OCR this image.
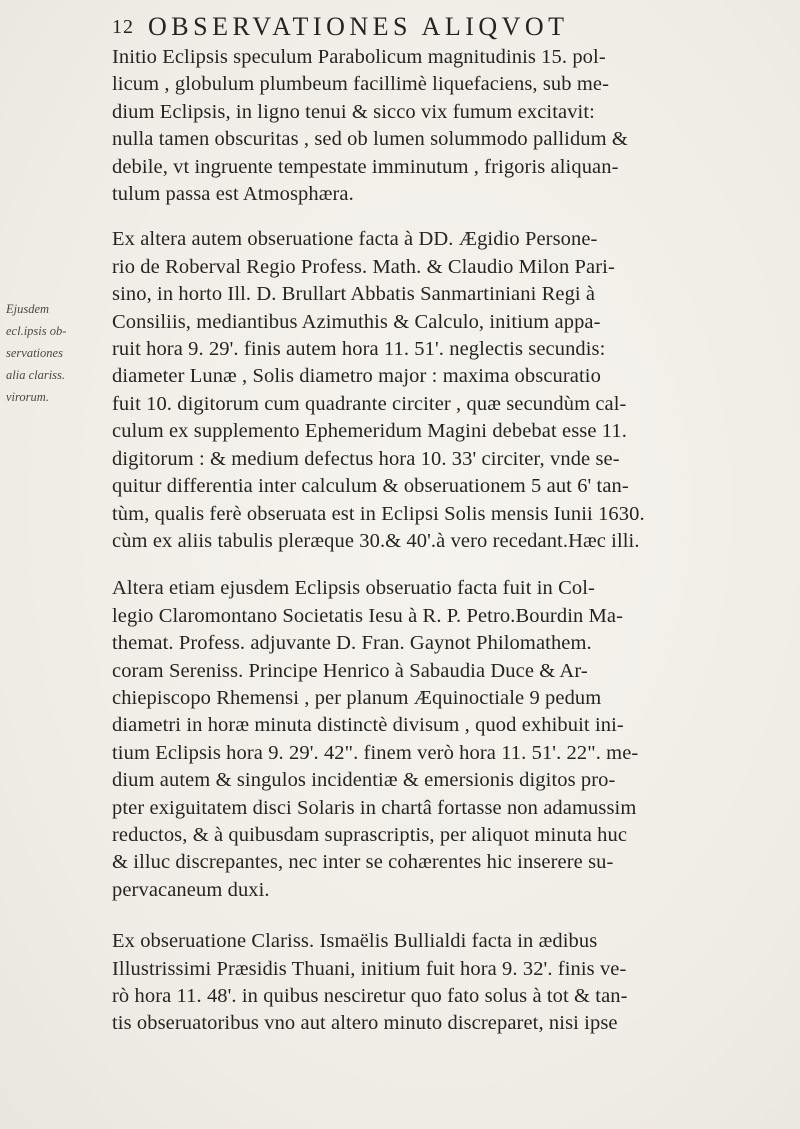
12 OBSERVATIONES ALIQVOT
Ejusdem
ecl.ipsis ob-
servationes
alia clariss.
virorum.
Initio Eclipsis speculum Parabolicum magnitudinis 15. pol-
licum , globulum plumbeum facillimè liquefaciens, sub me-
dium Eclipsis, in ligno tenui & sicco vix fumum excitavit:
nulla tamen obscuritas , sed ob lumen solummodo pallidum &
debile, vt ingruente tempestate imminutum , frigoris aliquan-
tulum passa est Atmosphæra.
Ex altera autem obseruatione facta à DD. Ægidio Persone-
rio de Roberval Regio Profess. Math. & Claudio Milon Pari-
sino, in horto Ill. D. Brullart Abbatis Sanmartiniani Regi à
Consiliis, mediantibus Azimuthis & Calculo, initium appa-
ruit hora 9. 29'. finis autem hora 11. 51'. neglectis secundis:
diameter Lunæ , Solis diametro major : maxima obscuratio
fuit 10. digitorum cum quadrante circiter , quæ secundùm cal-
culum ex supplemento Ephemeridum Magini debebat esse 11.
digitorum : & medium defectus hora 10. 33' circiter, vnde se-
quitur differentia inter calculum & obseruationem 5 aut 6' tan-
tùm, qualis ferè obseruata est in Eclipsi Solis mensis Iunii 1630.
cùm ex aliis tabulis pleræque 30.& 40'.à vero recedant.Hæc illi.
Altera etiam ejusdem Eclipsis obseruatio facta fuit in Col-
legio Claromontano Societatis Iesu à R. P. Petro.Bourdin Ma-
themat. Profess. adjuvante D. Fran. Gaynot Philomathem.
coram Sereniss. Principe Henrico à Sabaudia Duce & Ar-
chiepiscopo Rhemensi , per planum Æquinoctiale 9 pedum
diametri in horæ minuta distinctè divisum , quod exhibuit ini-
tium Eclipsis hora 9. 29'. 42". finem verò hora 11. 51'. 22". me-
dium autem & singulos incidentiæ & emersionis digitos pro-
pter exiguitatem disci Solaris in chartâ fortasse non adamussim
reductos, & à quibusdam suprascriptis, per aliquot minuta huc
& illuc discrepantes, nec inter se cohærentes hic inserere su-
pervacaneum duxi.
Ex obseruatione Clariss. Ismaëlis Bullialdi facta in ædibus
Illustrissimi Præsidis Thuani, initium fuit hora 9. 32'. finis ve-
rò hora 11. 48'. in quibus nesciretur quo fato solus à tot & tan-
tis obseruatoribus vno aut altero minuto discreparet, nisi ipse
